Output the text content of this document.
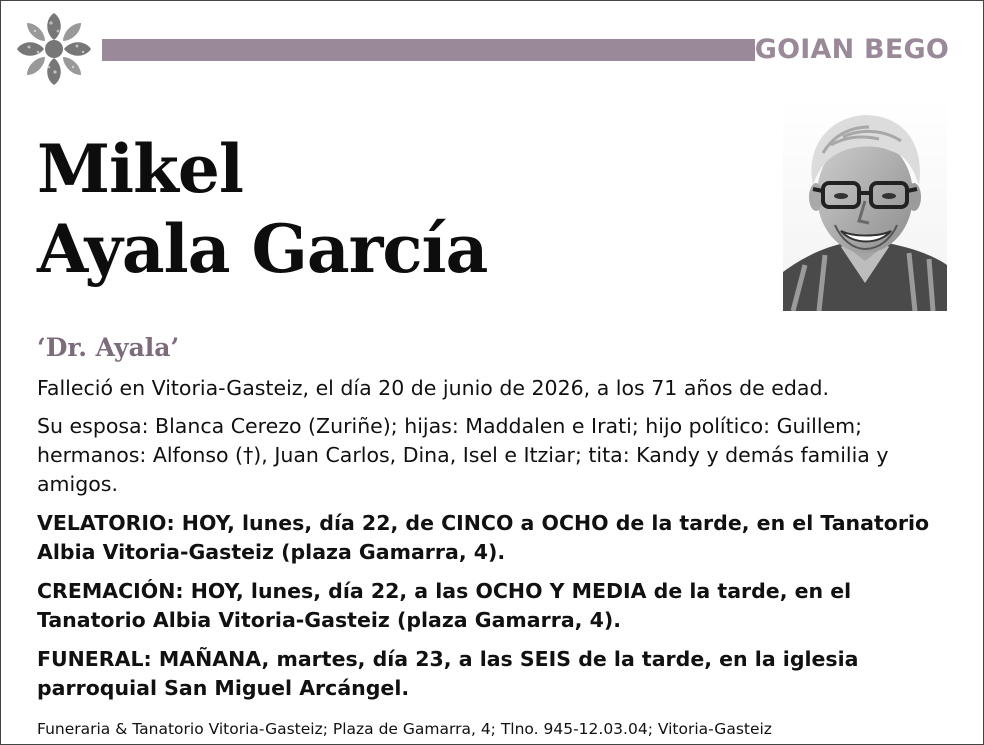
GOIAN BEGO
Mikel
Ayala García
‘Dr. Ayala’
Falleció en Vitoria-Gasteiz, el día 20 de junio de 2026, a los 71 años de edad.
Su esposa: Blanca Cerezo (Zuriñe); hijas: Maddalen e Irati; hijo político: Guillem; hermanos: Alfonso (†), Juan Carlos, Dina, Isel e Itziar; tita: Kandy y demás familia y amigos.
VELATORIO: HOY, lunes, día 22, de CINCO a OCHO de la tarde, en el Tanatorio Albia Vitoria-Gasteiz (plaza Gamarra, 4).
CREMACIÓN: HOY, lunes, día 22, a las OCHO Y MEDIA de la tarde, en el Tanatorio Albia Vitoria-Gasteiz (plaza Gamarra, 4).
FUNERAL: MAÑANA, martes, día 23, a las SEIS de la tarde, en la iglesia parroquial San Miguel Arcángel.
Funeraria & Tanatorio Vitoria-Gasteiz; Plaza de Gamarra, 4; Tlno. 945-12.03.04; Vitoria-Gasteiz
